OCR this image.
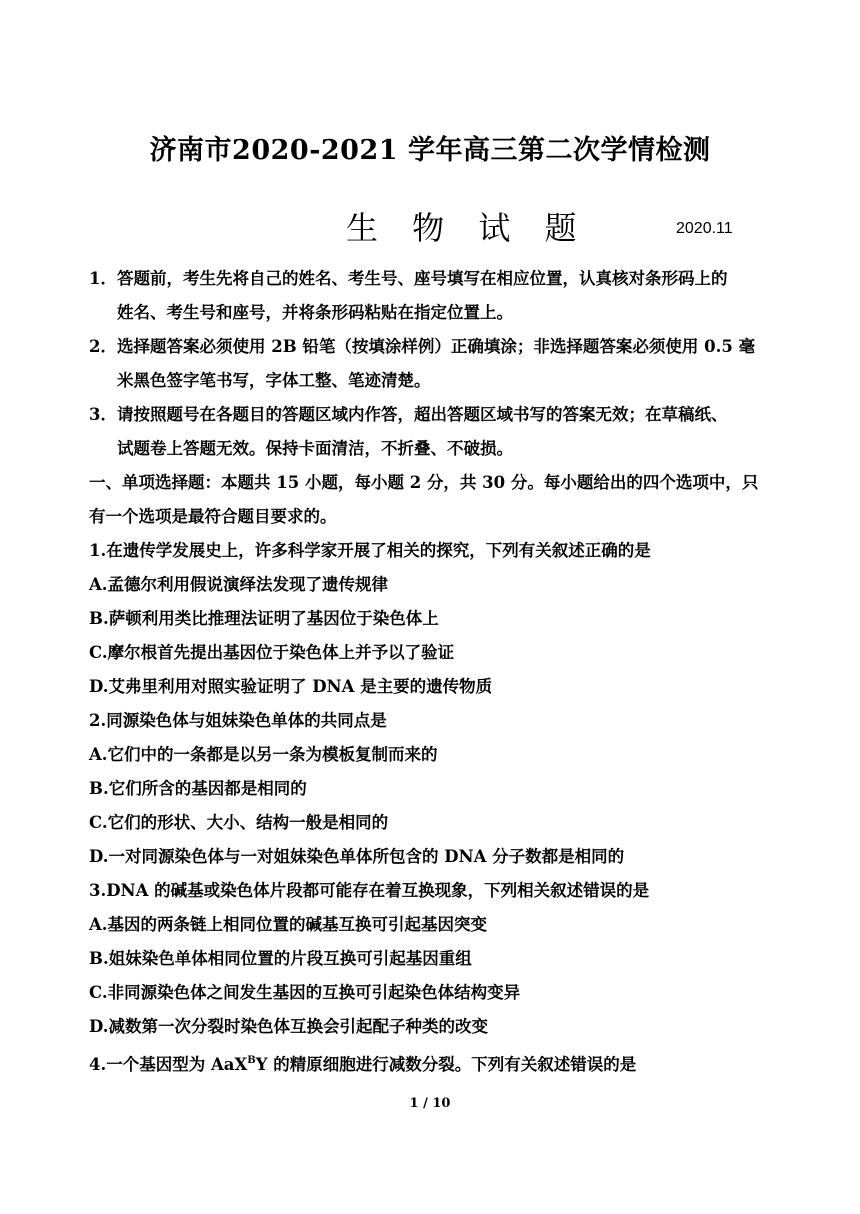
济南市2020-2021 学年高三第二次学情检测
生 物 试 题	2020.11
1．答题前，考生先将自己的姓名、考生号、座号填写在相应位置，认真核对条形码上的
姓名、考生号和座号，并将条形码粘贴在指定位置上。
2．选择题答案必须使用 2B 铅笔（按填涂样例）正确填涂；非选择题答案必须使用 0.5 毫
米黑色签字笔书写，字体工整、笔迹清楚。
3．请按照题号在各题目的答题区域内作答，超出答题区域书写的答案无效；在草稿纸、
试题卷上答题无效。保持卡面清洁，不折叠、不破损。
一、单项选择题：本题共 15 小题，每小题 2 分，共 30 分。每小题给出的四个选项中，只
有一个选项是最符合题目要求的。
1.在遗传学发展史上，许多科学家开展了相关的探究，下列有关叙述正确的是
A.孟德尔利用假说演绎法发现了遗传规律
B.萨顿利用类比推理法证明了基因位于染色体上
C.摩尔根首先提出基因位于染色体上并予以了验证
D.艾弗里利用对照实验证明了 DNA 是主要的遗传物质
2.同源染色体与姐妹染色单体的共同点是
A.它们中的一条都是以另一条为模板复制而来的
B.它们所含的基因都是相同的
C.它们的形状、大小、结构一般是相同的
D.一对同源染色体与一对姐妹染色单体所包含的 DNA 分子数都是相同的
3.DNA 的碱基或染色体片段都可能存在着互换现象，下列相关叙述错误的是
A.基因的两条链上相同位置的碱基互换可引起基因突变
B.姐妹染色单体相同位置的片段互换可引起基因重组
C.非同源染色体之间发生基因的互换可引起染色体结构变异
D.减数第一次分裂时染色体互换会引起配子种类的改变
4.一个基因型为 AaX$^B$Y 的精原细胞进行减数分裂。下列有关叙述错误的是
1 / 10
